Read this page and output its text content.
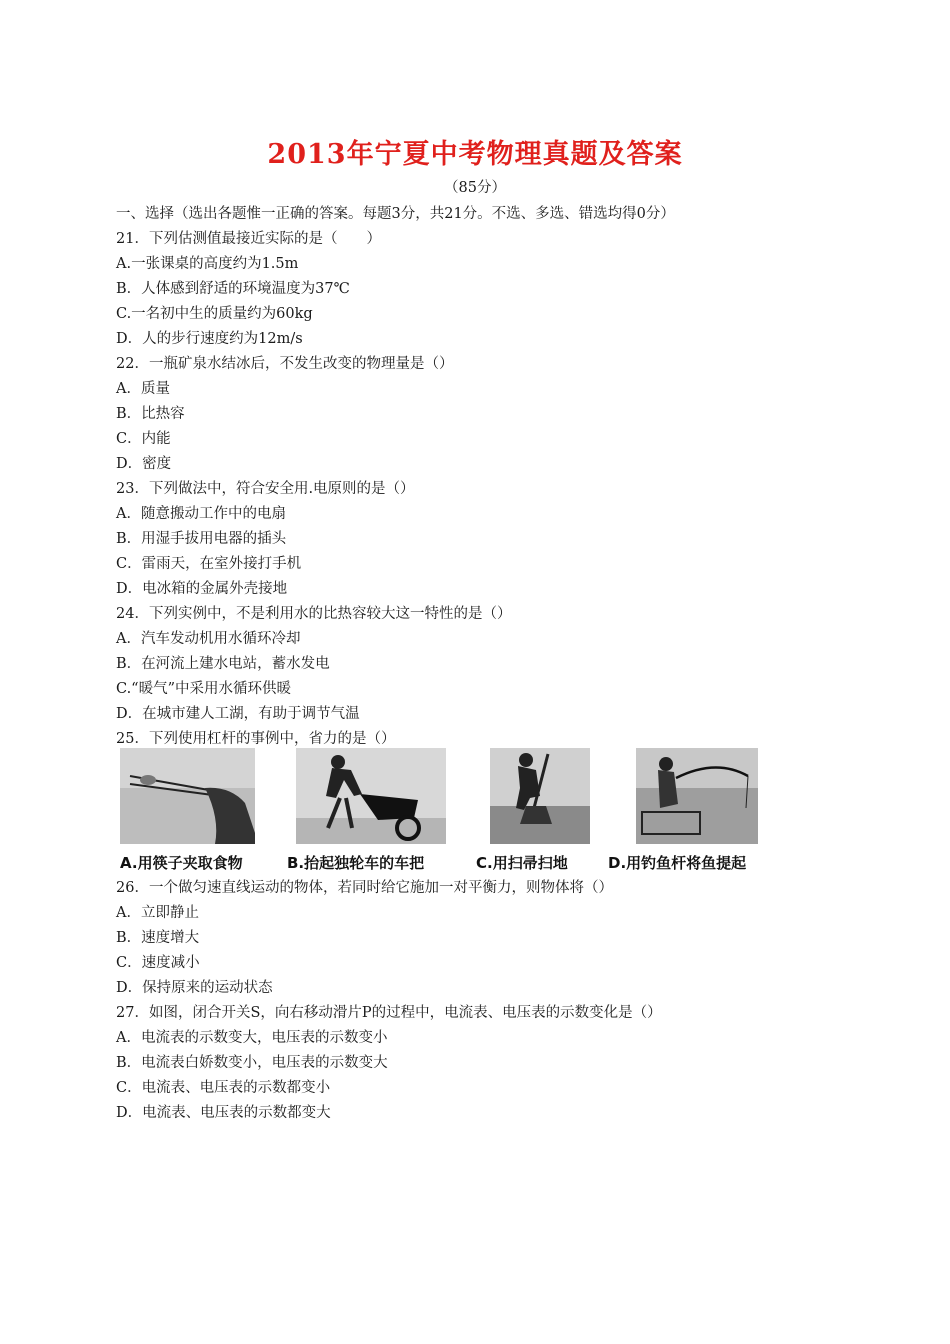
2013年宁夏中考物理真题及答案
（85分）
一、选择（选出各题惟一正确的答案。每题3分，共21分。不选、多选、错选均得0分）
21．下列估测值最接近实际的是（　　）
A.一张课桌的高度约为1.5m
B．人体感到舒适的环境温度为37℃
C.一名初中生的质量约为60kg
D．人的步行速度约为12m/s
22．一瓶矿泉水结冰后，不发生改变的物理量是（）
A．质量
B．比热容
C．内能
D．密度
23．下列做法中，符合安全用.电原则的是（）
A．随意搬动工作中的电扇
B．用湿手拔用电器的插头
C．雷雨天，在室外接打手机
D．电冰箱的金属外壳接地
24．下列实例中，不是利用水的比热容较大这一特性的是（）
A．汽车发动机用水循环冷却
B．在河流上建水电站，蓄水发电
C.“暖气”中采用水循环供暖
D．在城市建人工湖，有助于调节气温
25．下列使用杠杆的事例中，省力的是（）
A.用筷子夹取食物	B.抬起独轮车的车把	C.用扫帚扫地	D.用钓鱼杆将鱼提起
26．一个做匀速直线运动的物体，若同时给它施加一对平衡力，则物体将（）
A．立即静止
B．速度增大
C．速度减小
D．保持原来的运动状态
27．如图，闭合开关S，向右移动滑片P的过程中，电流表、电压表的示数变化是（）
A．电流表的示数变大，电压表的示数变小
B．电流表白娇数变小，电压表的示数变大
C．电流表、电压表的示数都变小
D．电流表、电压表的示数都变大
